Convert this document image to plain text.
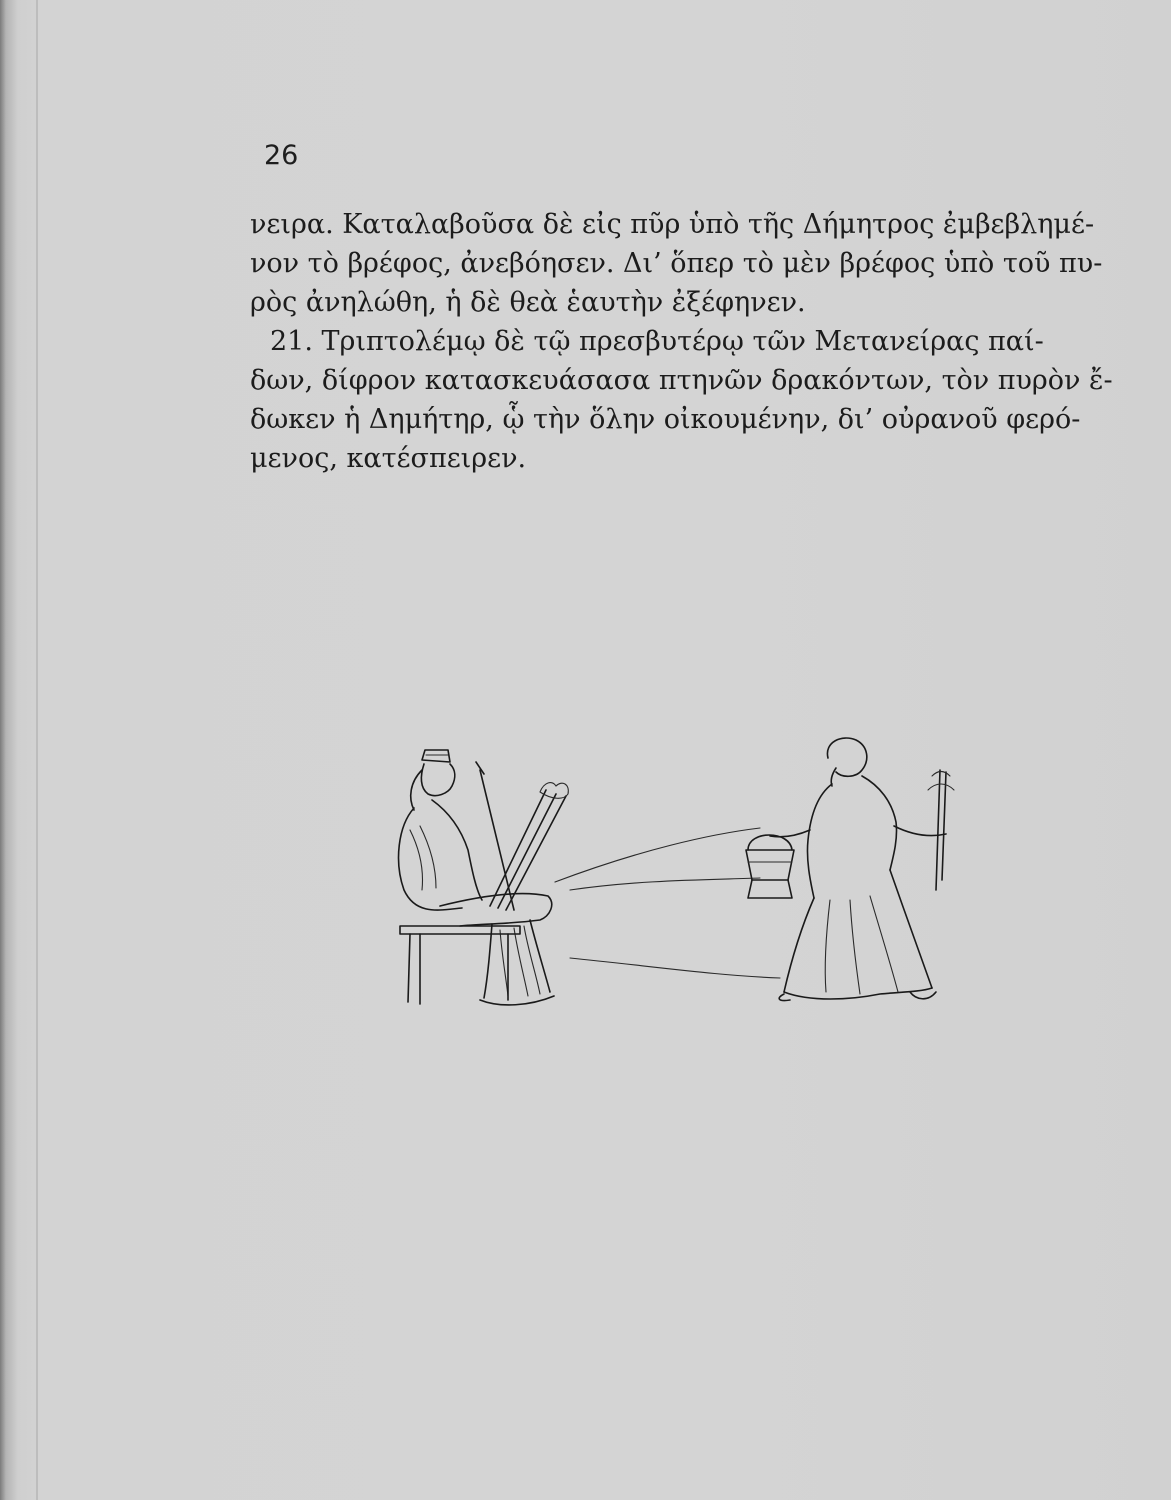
26
νειρα. Καταλαβοῦσα δὲ εἰς πῦρ ὑπὸ τῆς Δήμητρος ἐμβεβλημέ-
νον τὸ βρέφος, ἀνεβόησεν. Δι’ ὅπερ τὸ μὲν βρέφος ὑπὸ τοῦ πυ-
ρὸς ἀνηλώθη, ἡ δὲ θεὰ ἑαυτὴν ἐξέφηνεν.
21. Τριπτολέμῳ δὲ τῷ πρεσβυτέρῳ τῶν Μετανείρας παί-
δων, δίφρον κατασκευάσασα πτηνῶν δρακόντων, τὸν πυρὸν ἔ-
δωκεν ἡ Δημήτηρ, ᾧ τὴν ὅλην οἰκουμένην, δι’ οὐρανοῦ φερό-
μενος, κατέσπειρεν.
